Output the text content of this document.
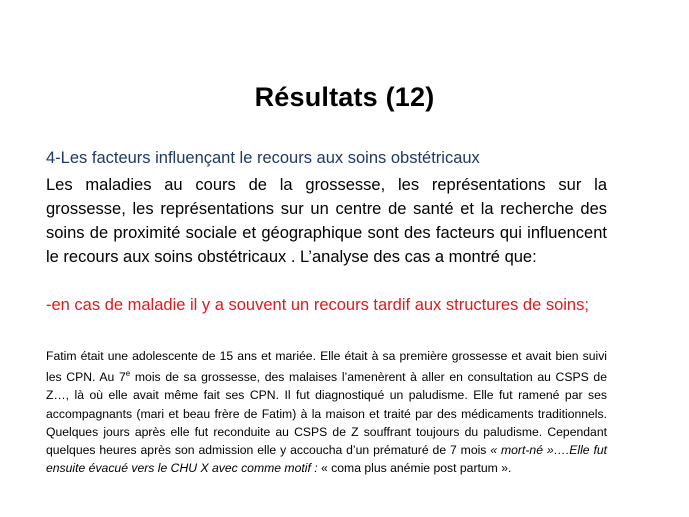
Résultats (12)
4-Les facteurs influençant le recours aux soins obstétricaux
Les maladies au cours de la grossesse, les représentations sur la grossesse, les représentations sur un centre de santé et la recherche des soins de proximité sociale et géographique sont des facteurs qui influencent le recours aux soins obstétricaux . L’analyse des cas a montré que:
-en cas de maladie il y a souvent un recours tardif aux structures de soins;
Fatim était une adolescente de 15 ans et mariée. Elle était à sa première grossesse et avait bien suivi les CPN. Au 7e mois de sa grossesse, des malaises l’amenèrent à aller en consultation au CSPS de Z…, là où elle avait même fait ses CPN. Il fut diagnostiqué un paludisme. Elle fut ramené par ses accompagnants (mari et beau frère de Fatim) à la maison et traité par des médicaments traditionnels. Quelques jours après elle fut reconduite au CSPS de Z souffrant toujours du paludisme. Cependant quelques heures après son admission elle y accoucha d’un prématuré de 7 mois « mort-né »….Elle fut ensuite évacué vers le CHU X avec comme motif : « coma plus anémie post partum ».
